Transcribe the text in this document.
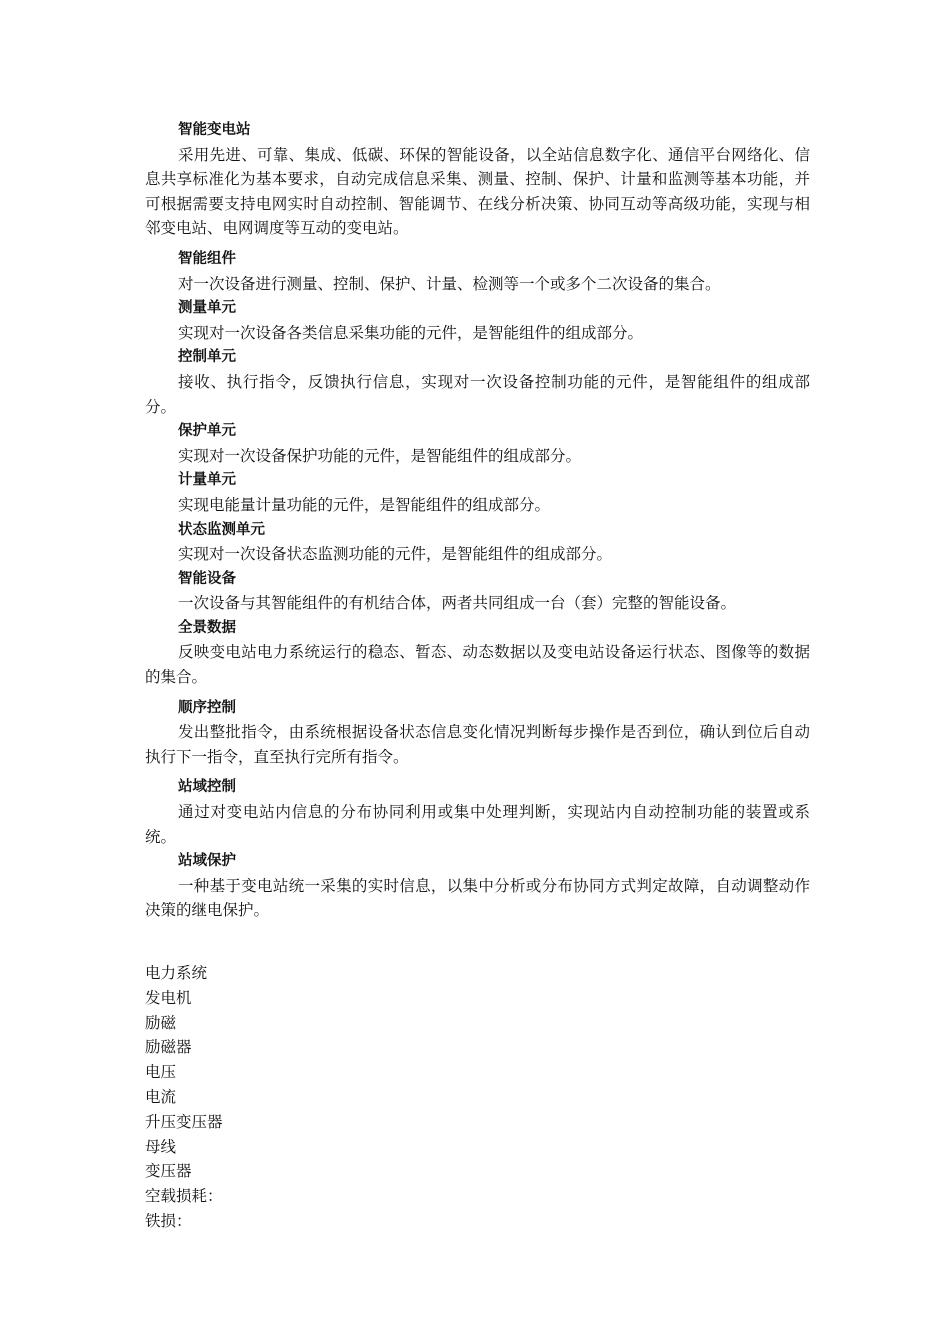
智能变电站

采用先进、可靠、集成、低碳、环保的智能设备，以全站信息数字化、通信平台网络化、信息共享标准化为基本要求，自动完成信息采集、测量、控制、保护、计量和监测等基本功能，并可根据需要支持电网实时自动控制、智能调节、在线分析决策、协同互动等高级功能，实现与相邻变电站、电网调度等互动的变电站。

智能组件

对一次设备进行测量、控制、保护、计量、检测等一个或多个二次设备的集合。

测量单元

实现对一次设备各类信息采集功能的元件，是智能组件的组成部分。

控制单元

接收、执行指令，反馈执行信息，实现对一次设备控制功能的元件，是智能组件的组成部分。

保护单元

实现对一次设备保护功能的元件，是智能组件的组成部分。

计量单元

实现电能量计量功能的元件，是智能组件的组成部分。

状态监测单元

实现对一次设备状态监测功能的元件，是智能组件的组成部分。

智能设备

一次设备与其智能组件的有机结合体，两者共同组成一台（套）完整的智能设备。

全景数据

反映变电站电力系统运行的稳态、暂态、动态数据以及变电站设备运行状态、图像等的数据的集合。

顺序控制

发出整批指令，由系统根据设备状态信息变化情况判断每步操作是否到位，确认到位后自动执行下一指令，直至执行完所有指令。

站域控制

通过对变电站内信息的分布协同利用或集中处理判断，实现站内自动控制功能的装置或系统。

站域保护

一种基于变电站统一采集的实时信息，以集中分析或分布协同方式判定故障，自动调整动作决策的继电保护。

电力系统
发电机
励磁
励磁器
电压
电流
升压变压器
母线
变压器
空载损耗：
铁损：
